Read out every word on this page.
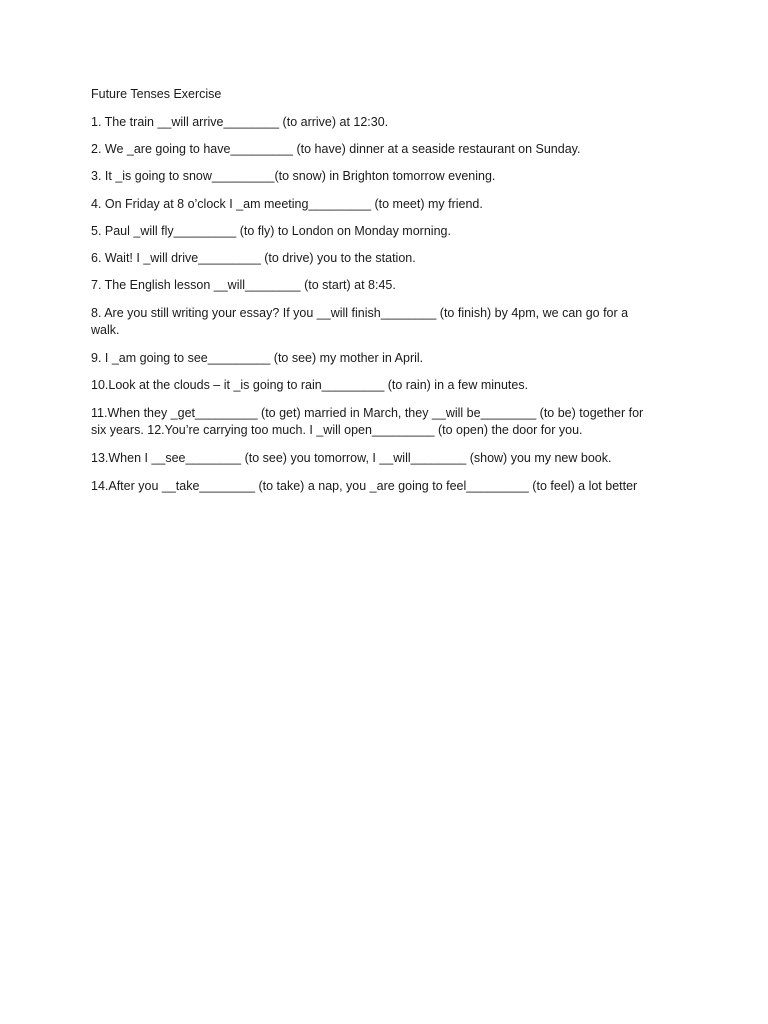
Future Tenses Exercise
1. The train __will arrive________ (to arrive) at 12:30.
2. We _are going to have_________ (to have) dinner at a seaside restaurant on Sunday.
3. It _is going to snow_________(to snow) in Brighton tomorrow evening.
4. On Friday at 8 o’clock I _am meeting_________ (to meet) my friend.
5. Paul _will fly_________ (to fly) to London on Monday morning.
6. Wait! I _will drive_________ (to drive) you to the station.
7. The English lesson __will________ (to start) at 8:45.
8. Are you still writing your essay? If you __will finish________ (to finish) by 4pm, we can go for a
walk.
9. I _am going to see_________ (to see) my mother in April.
10.Look at the clouds – it _is going to rain_________ (to rain) in a few minutes.
11.When they _get_________ (to get) married in March, they __will be________ (to be) together for
six years. 12.You’re carrying too much. I _will open_________ (to open) the door for you.
13.When I __see________ (to see) you tomorrow, I __will________ (show) you my new book.
14.After you __take________ (to take) a nap, you _are going to feel_________ (to feel) a lot better
